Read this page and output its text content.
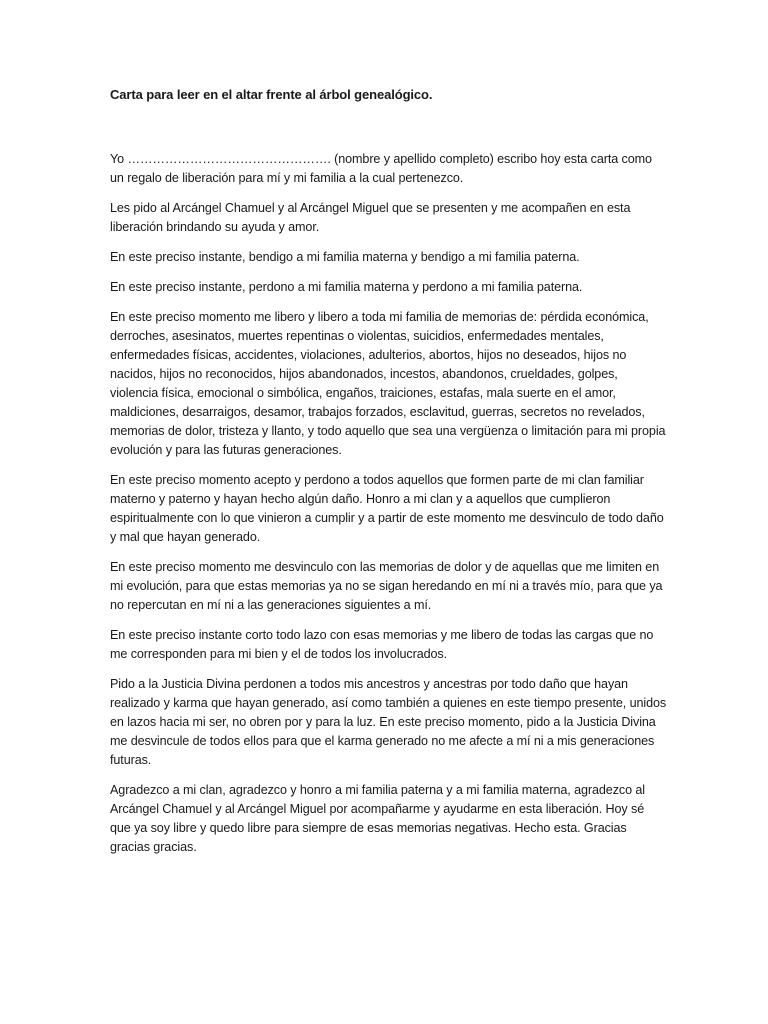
Carta para leer en el altar frente al árbol genealógico.
Yo …………………………………………. (nombre y apellido completo) escribo hoy esta carta como un regalo de liberación para mí y mi familia a la cual pertenezco.
Les pido al Arcángel Chamuel y al Arcángel Miguel que se presenten y me acompañen en esta liberación brindando su ayuda y amor.
En este preciso instante, bendigo a mi familia materna y bendigo a mi familia paterna.
En este preciso instante, perdono a mi familia materna y perdono a mi familia paterna.
En este preciso momento me libero y libero a toda mi familia de memorias de: pérdida económica, derroches, asesinatos, muertes repentinas o violentas, suicidios, enfermedades mentales, enfermedades físicas, accidentes, violaciones, adulterios, abortos, hijos no deseados, hijos no nacidos, hijos no reconocidos, hijos abandonados, incestos, abandonos, crueldades, golpes, violencia física, emocional o simbólica, engaños, traiciones, estafas, mala suerte en el amor, maldiciones, desarraigos, desamor, trabajos forzados, esclavitud, guerras, secretos no revelados, memorias de dolor, tristeza y llanto, y todo aquello que sea una vergüenza o limitación para mi propia evolución y para las futuras generaciones.
En este preciso momento acepto y perdono a todos aquellos que formen parte de mi clan familiar materno y paterno y hayan hecho algún daño. Honro a mi clan y a aquellos que cumplieron espiritualmente con lo que vinieron a cumplir y a partir de este momento me desvinculo de todo daño y mal que hayan generado.
En este preciso momento me desvinculo con las memorias de dolor y de aquellas que me limiten en mi evolución, para que estas memorias ya no se sigan heredando en mí ni a través mío, para que ya no repercutan en mí ni a las generaciones siguientes a mí.
En este preciso instante corto todo lazo con esas memorias y me libero de todas las cargas que no me corresponden para mi bien y el de todos los involucrados.
Pido a la Justicia Divina perdonen a todos mis ancestros y ancestras por todo daño que hayan realizado y karma que hayan generado, así como también a quienes en este tiempo presente, unidos en lazos hacia mi ser, no obren por y para la luz. En este preciso momento, pido a la Justicia Divina me desvincule de todos ellos para que el karma generado no me afecte a mí ni a mis generaciones futuras.
Agradezco a mi clan, agradezco y honro a mi familia paterna y a mi familia materna, agradezco al Arcángel Chamuel y al Arcángel Miguel por acompañarme y ayudarme en esta liberación. Hoy sé que ya soy libre y quedo libre para siempre de esas memorias negativas. Hecho esta. Gracias gracias gracias.
